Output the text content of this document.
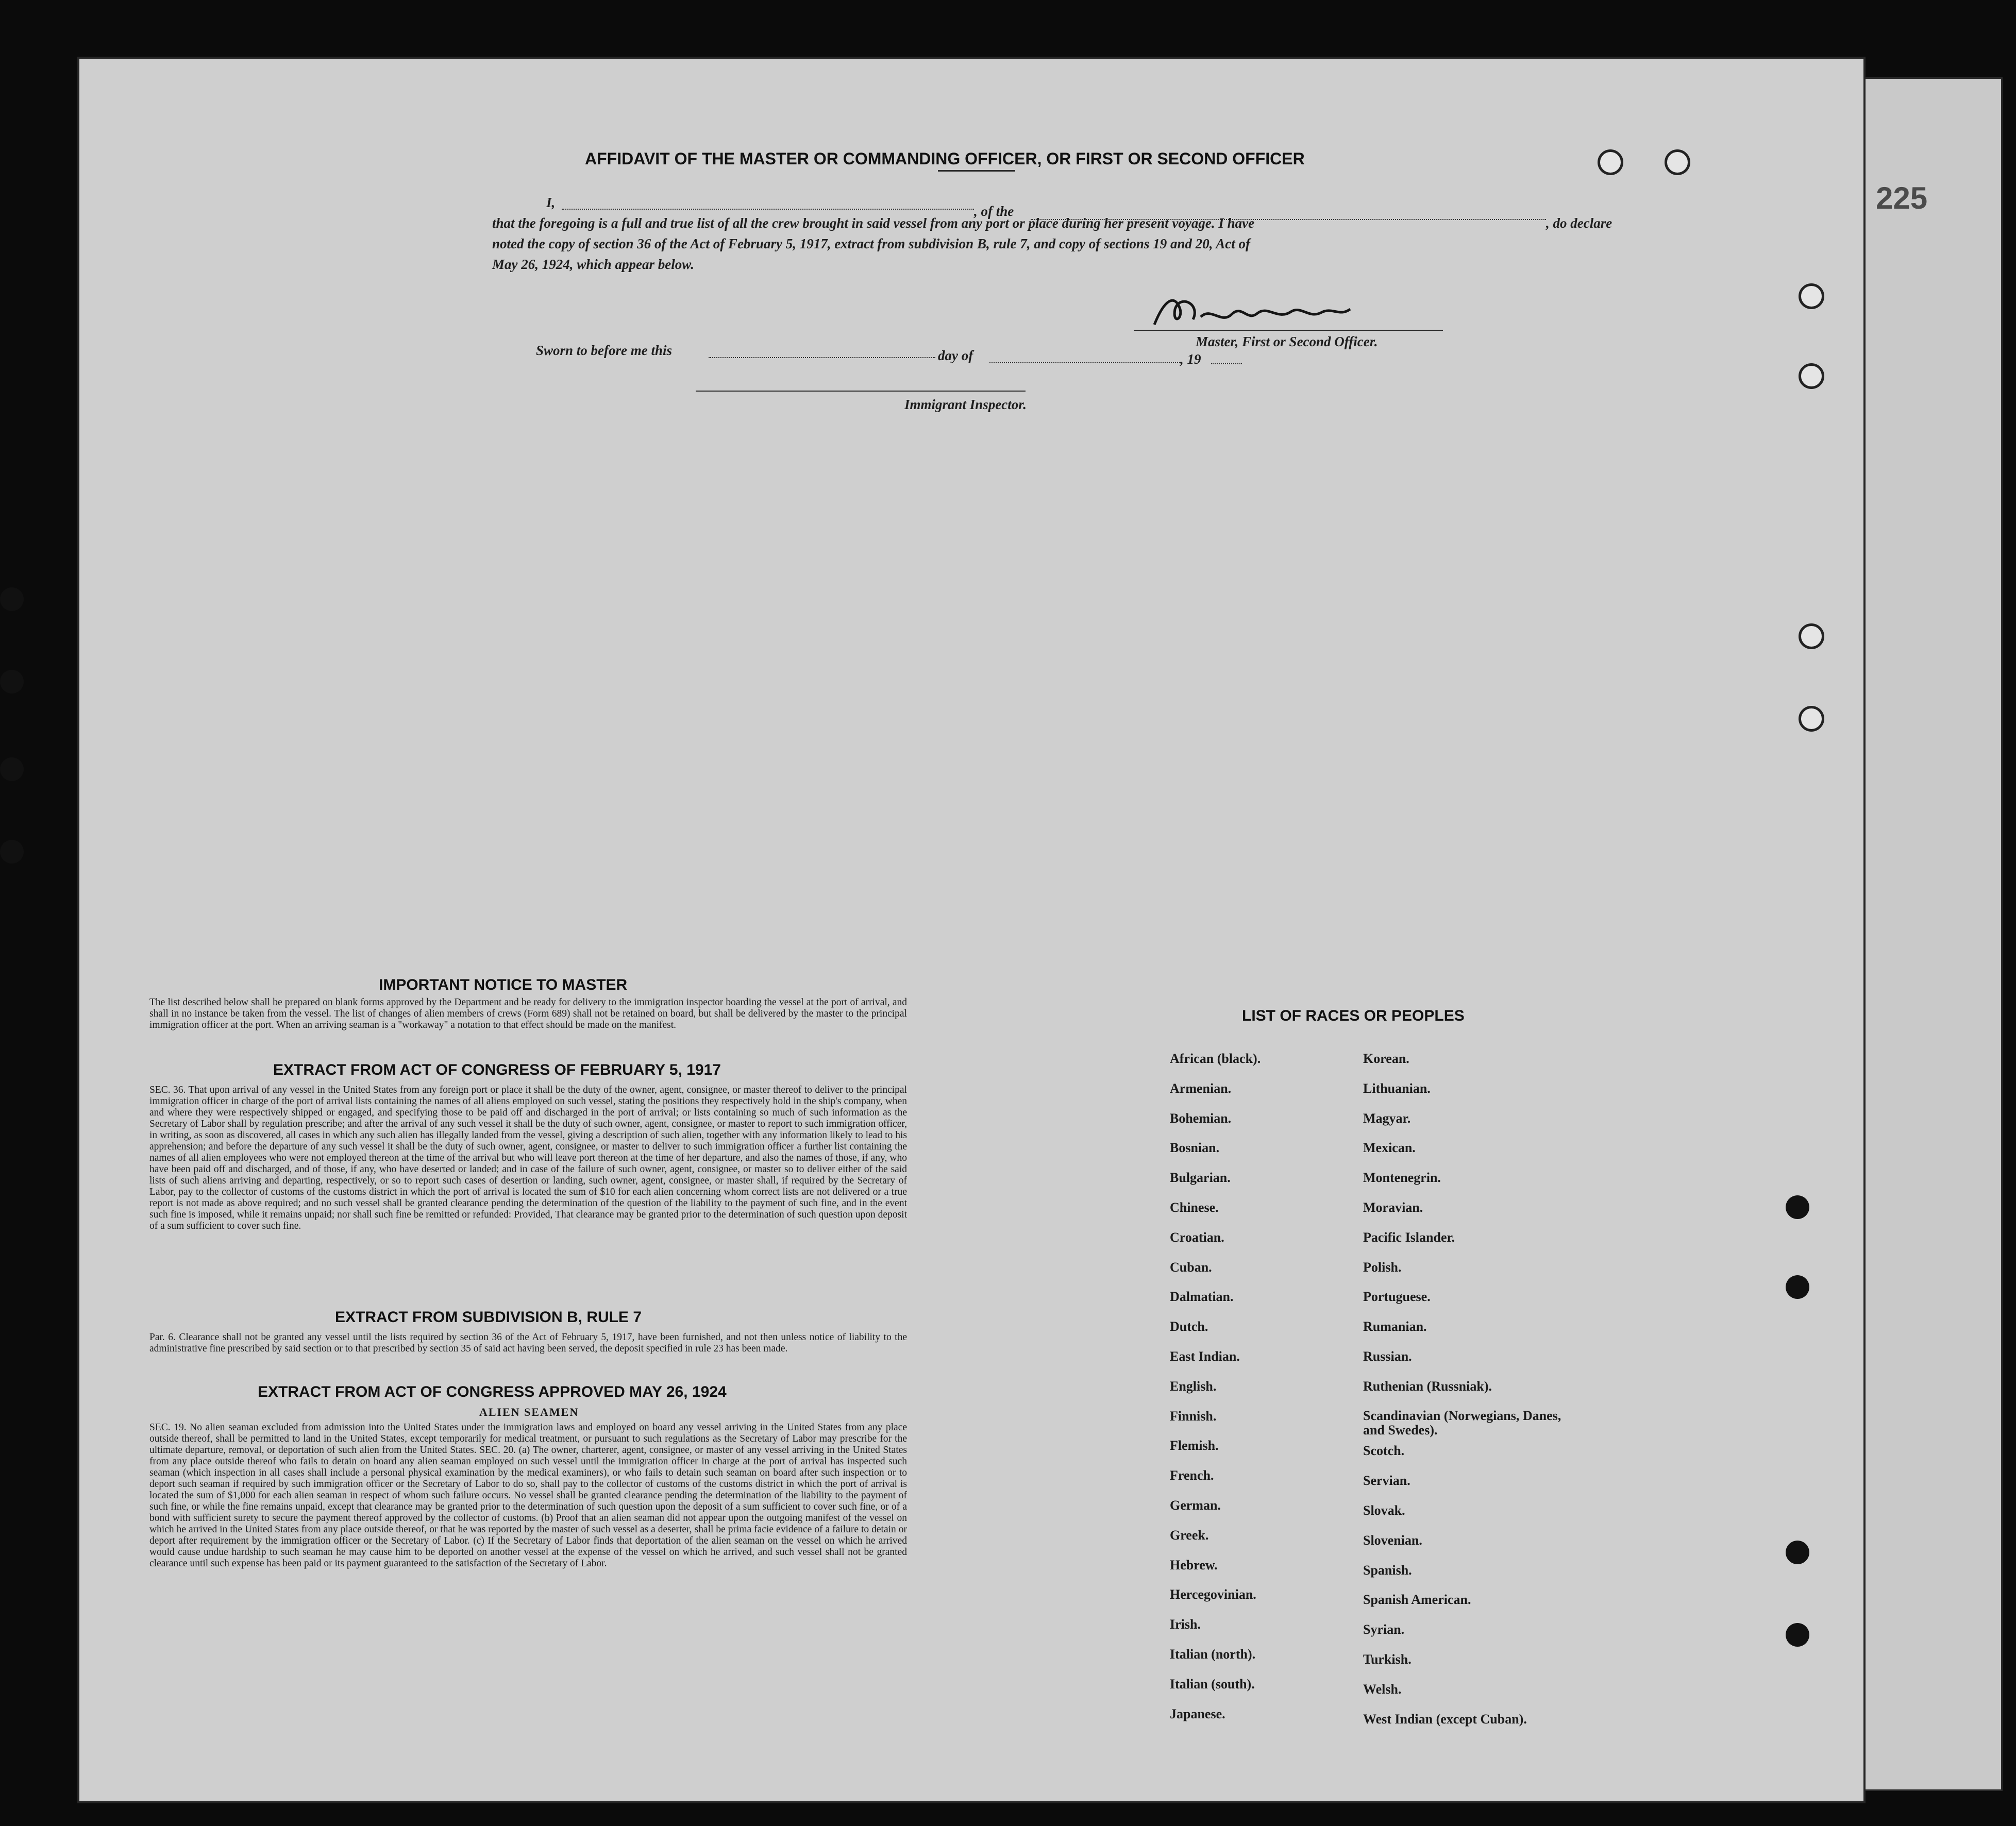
225
AFFIDAVIT OF THE MASTER OR COMMANDING OFFICER, OR FIRST OR SECOND OFFICER
I,
, of the
, do declare
that the foregoing is a full and true list of all the crew brought in said vessel from any port or place during her present voyage. I have
noted the copy of section 36 of the Act of February 5, 1917, extract from subdivision B, rule 7, and copy of sections 19 and 20, Act of
May 26, 1924, which appear below.
Master, First or Second Officer.
Sworn to before me this	day of	, 19
Immigrant Inspector.
IMPORTANT NOTICE TO MASTER
The list described below shall be prepared on blank forms approved by the Department and be ready for delivery to the immigration inspector boarding the vessel at the port of arrival, and shall in no instance be taken from the vessel. The list of changes of alien members of crews (Form 689) shall not be retained on board, but shall be delivered by the master to the principal immigration officer at the port. When an arriving seaman is a "workaway" a notation to that effect should be made on the manifest.
EXTRACT FROM ACT OF CONGRESS OF FEBRUARY 5, 1917
SEC. 36. That upon arrival of any vessel in the United States from any foreign port or place it shall be the duty of the owner, agent, consignee, or master thereof to deliver to the principal immigration officer in charge of the port of arrival lists containing the names of all aliens employed on such vessel, stating the positions they respectively hold in the ship's company, when and where they were respectively shipped or engaged, and specifying those to be paid off and discharged in the port of arrival; or lists containing so much of such information as the Secretary of Labor shall by regulation prescribe; and after the arrival of any such vessel it shall be the duty of such owner, agent, consignee, or master to report to such immigration officer, in writing, as soon as discovered, all cases in which any such alien has illegally landed from the vessel, giving a description of such alien, together with any information likely to lead to his apprehension; and before the departure of any such vessel it shall be the duty of such owner, agent, consignee, or master to deliver to such immigration officer a further list containing the names of all alien employees who were not employed thereon at the time of the arrival but who will leave port thereon at the time of her departure, and also the names of those, if any, who have been paid off and discharged, and of those, if any, who have deserted or landed; and in case of the failure of such owner, agent, consignee, or master so to deliver either of the said lists of such aliens arriving and departing, respectively, or so to report such cases of desertion or landing, such owner, agent, consignee, or master shall, if required by the Secretary of Labor, pay to the collector of customs of the customs district in which the port of arrival is located the sum of $10 for each alien concerning whom correct lists are not delivered or a true report is not made as above required; and no such vessel shall be granted clearance pending the determination of the question of the liability to the payment of such fine, and in the event such fine is imposed, while it remains unpaid; nor shall such fine be remitted or refunded: Provided, That clearance may be granted prior to the determination of such question upon deposit of a sum sufficient to cover such fine.
EXTRACT FROM SUBDIVISION B, RULE 7
Par. 6. Clearance shall not be granted any vessel until the lists required by section 36 of the Act of February 5, 1917, have been furnished, and not then unless notice of liability to the administrative fine prescribed by said section or to that prescribed by section 35 of said act having been served, the deposit specified in rule 23 has been made.
EXTRACT FROM ACT OF CONGRESS APPROVED MAY 26, 1924
ALIEN SEAMEN
SEC. 19. No alien seaman excluded from admission into the United States under the immigration laws and employed on board any vessel arriving in the United States from any place outside thereof, shall be permitted to land in the United States, except temporarily for medical treatment, or pursuant to such regulations as the Secretary of Labor may prescribe for the ultimate departure, removal, or deportation of such alien from the United States. SEC. 20. (a) The owner, charterer, agent, consignee, or master of any vessel arriving in the United States from any place outside thereof who fails to detain on board any alien seaman employed on such vessel until the immigration officer in charge at the port of arrival has inspected such seaman (which inspection in all cases shall include a personal physical examination by the medical examiners), or who fails to detain such seaman on board after such inspection or to deport such seaman if required by such immigration officer or the Secretary of Labor to do so, shall pay to the collector of customs of the customs district in which the port of arrival is located the sum of $1,000 for each alien seaman in respect of whom such failure occurs. No vessel shall be granted clearance pending the determination of the liability to the payment of such fine, or while the fine remains unpaid, except that clearance may be granted prior to the determination of such question upon the deposit of a sum sufficient to cover such fine, or of a bond with sufficient surety to secure the payment thereof approved by the collector of customs. (b) Proof that an alien seaman did not appear upon the outgoing manifest of the vessel on which he arrived in the United States from any place outside thereof, or that he was reported by the master of such vessel as a deserter, shall be prima facie evidence of a failure to detain or deport after requirement by the immigration officer or the Secretary of Labor. (c) If the Secretary of Labor finds that deportation of the alien seaman on the vessel on which he arrived would cause undue hardship to such seaman he may cause him to be deported on another vessel at the expense of the vessel on which he arrived, and such vessel shall not be granted clearance until such expense has been paid or its payment guaranteed to the satisfaction of the Secretary of Labor.
LIST OF RACES OR PEOPLES
African (black).
Armenian.
Bohemian.
Bosnian.
Bulgarian.
Chinese.
Croatian.
Cuban.
Dalmatian.
Dutch.
East Indian.
English.
Finnish.
Flemish.
French.
German.
Greek.
Hebrew.
Hercegovinian.
Irish.
Italian (north).
Italian (south).
Japanese.
Korean.
Lithuanian.
Magyar.
Mexican.
Montenegrin.
Moravian.
Pacific Islander.
Polish.
Portuguese.
Rumanian.
Russian.
Ruthenian (Russniak).
Scandinavian (Norwegians, Danes, and Swedes).
Scotch.
Servian.
Slovak.
Slovenian.
Spanish.
Spanish American.
Syrian.
Turkish.
Welsh.
West Indian (except Cuban).
